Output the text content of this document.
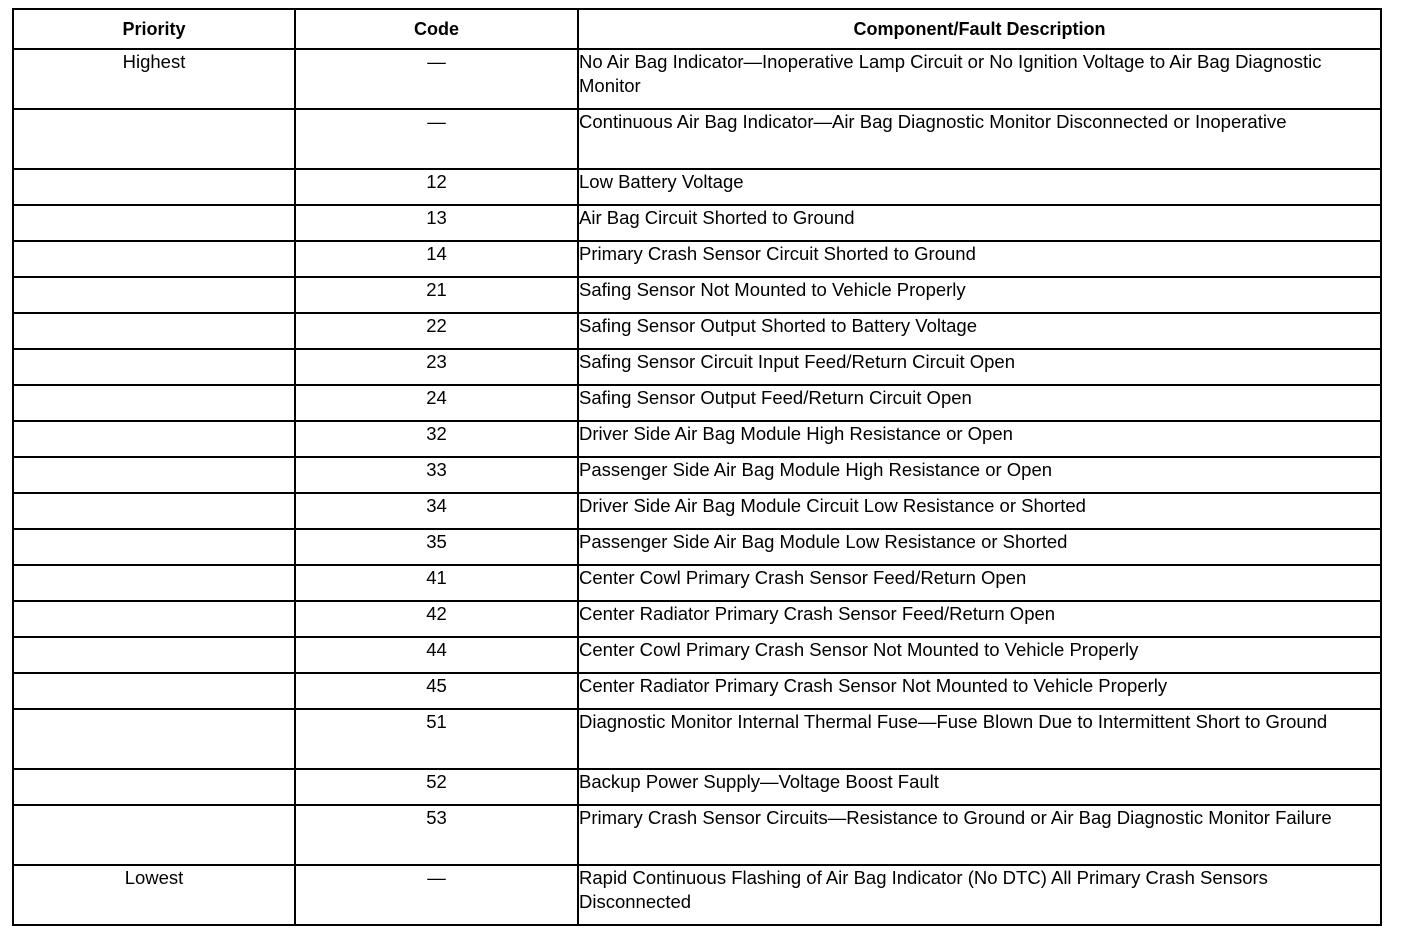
Priority	Code	Component/Fault Description

Highest	—	No Air Bag Indicator—Inoperative Lamp Circuit or No Ignition Voltage to Air Bag Diagnostic Monitor

	—	Continuous Air Bag Indicator—Air Bag Diagnostic Monitor Disconnected or Inoperative

	12	Low Battery Voltage

	13	Air Bag Circuit Shorted to Ground

	14	Primary Crash Sensor Circuit Shorted to Ground

	21	Safing Sensor Not Mounted to Vehicle Properly

	22	Safing Sensor Output Shorted to Battery Voltage

	23	Safing Sensor Circuit Input Feed/Return Circuit Open

	24	Safing Sensor Output Feed/Return Circuit Open

	32	Driver Side Air Bag Module High Resistance or Open

	33	Passenger Side Air Bag Module High Resistance or Open

	34	Driver Side Air Bag Module Circuit Low Resistance or Shorted

	35	Passenger Side Air Bag Module Low Resistance or Shorted

	41	Center Cowl Primary Crash Sensor Feed/Return Open

	42	Center Radiator Primary Crash Sensor Feed/Return Open

	44	Center Cowl Primary Crash Sensor Not Mounted to Vehicle Properly

	45	Center Radiator Primary Crash Sensor Not Mounted to Vehicle Properly

	51	Diagnostic Monitor Internal Thermal Fuse—Fuse Blown Due to Intermittent Short to Ground

	52	Backup Power Supply—Voltage Boost Fault

	53	Primary Crash Sensor Circuits—Resistance to Ground or Air Bag Diagnostic Monitor Failure

Lowest	—	Rapid Continuous Flashing of Air Bag Indicator (No DTC) All Primary Crash Sensors Disconnected
